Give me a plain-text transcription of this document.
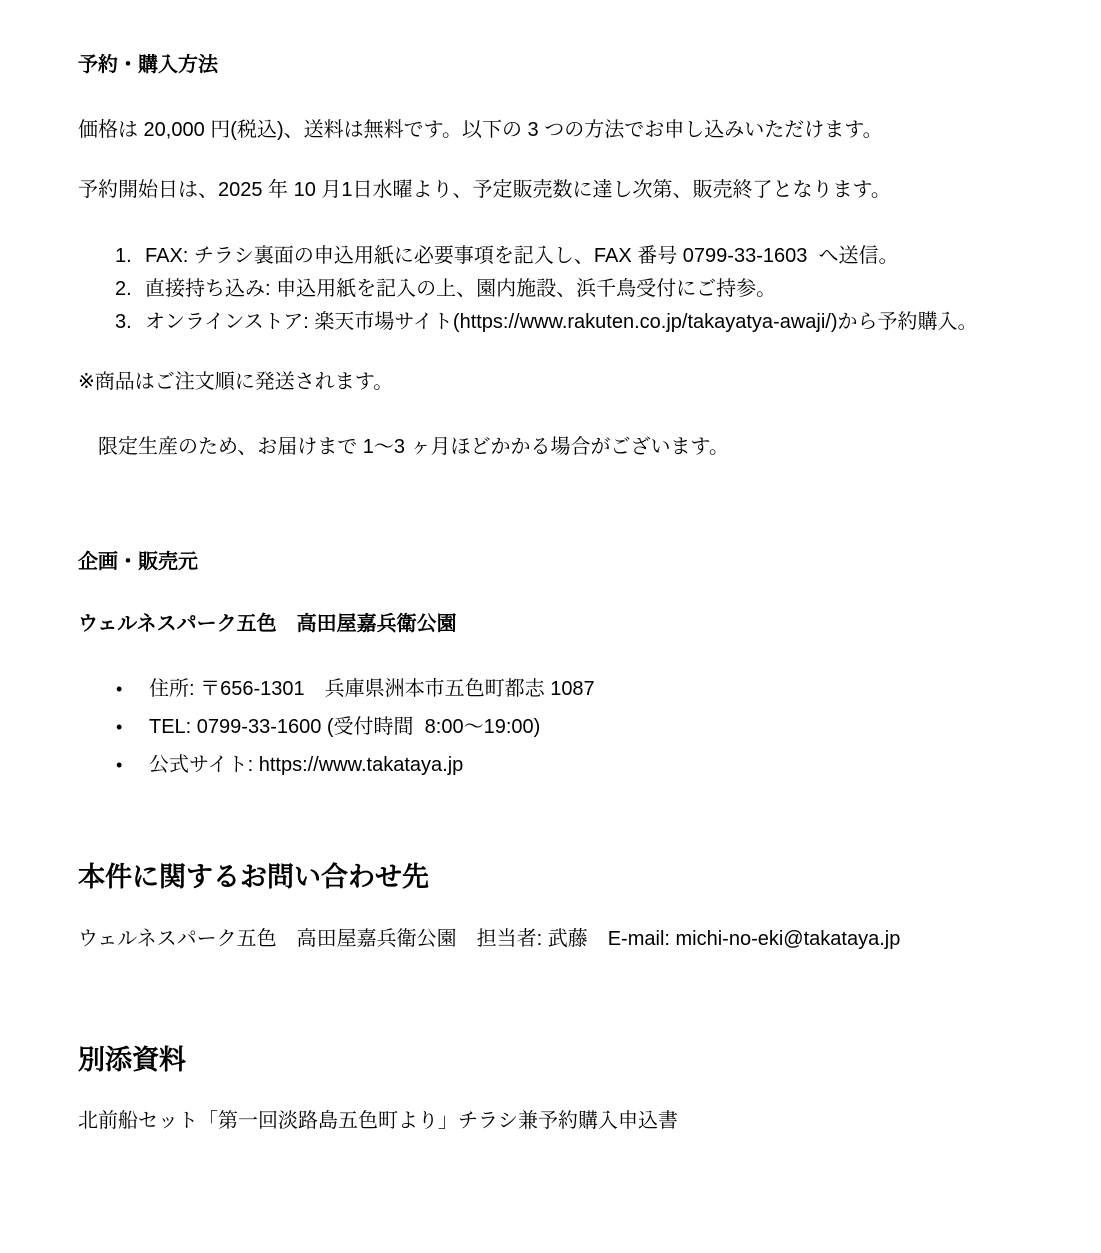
予約・購入方法

価格は 20,000 円(税込)、送料は無料です。以下の 3 つの方法でお申し込みいただけます。

予約開始日は、2025 年 10 月1日水曜より、予定販売数に達し次第、販売終了となります。

1. FAX: チラシ裏面の申込用紙に必要事項を記入し、FAX 番号 0799-33-1603  へ送信。
2. 直接持ち込み: 申込用紙を記入の上、園内施設、浜千鳥受付にご持参。
3. オンラインストア: 楽天市場サイト(https://www.rakuten.co.jp/takayatya-awaji/)から予約購入。

※商品はご注文順に発送されます。

限定生産のため、お届けまで 1～3 ヶ月ほどかかる場合がございます。

企画・販売元

ウェルネスパーク五色　高田屋嘉兵衛公園

•	住所: 〒656-1301　兵庫県洲本市五色町都志 1087
•	TEL: 0799-33-1600 (受付時間  8:00～19:00)
•	公式サイト: https://www.takataya.jp
本件に関するお問い合わせ先

ウェルネスパーク五色　高田屋嘉兵衛公園　担当者: 武藤　E-mail: michi-no-eki@takataya.jp

別添資料

北前船セット「第一回淡路島五色町より」チラシ兼予約購入申込書
